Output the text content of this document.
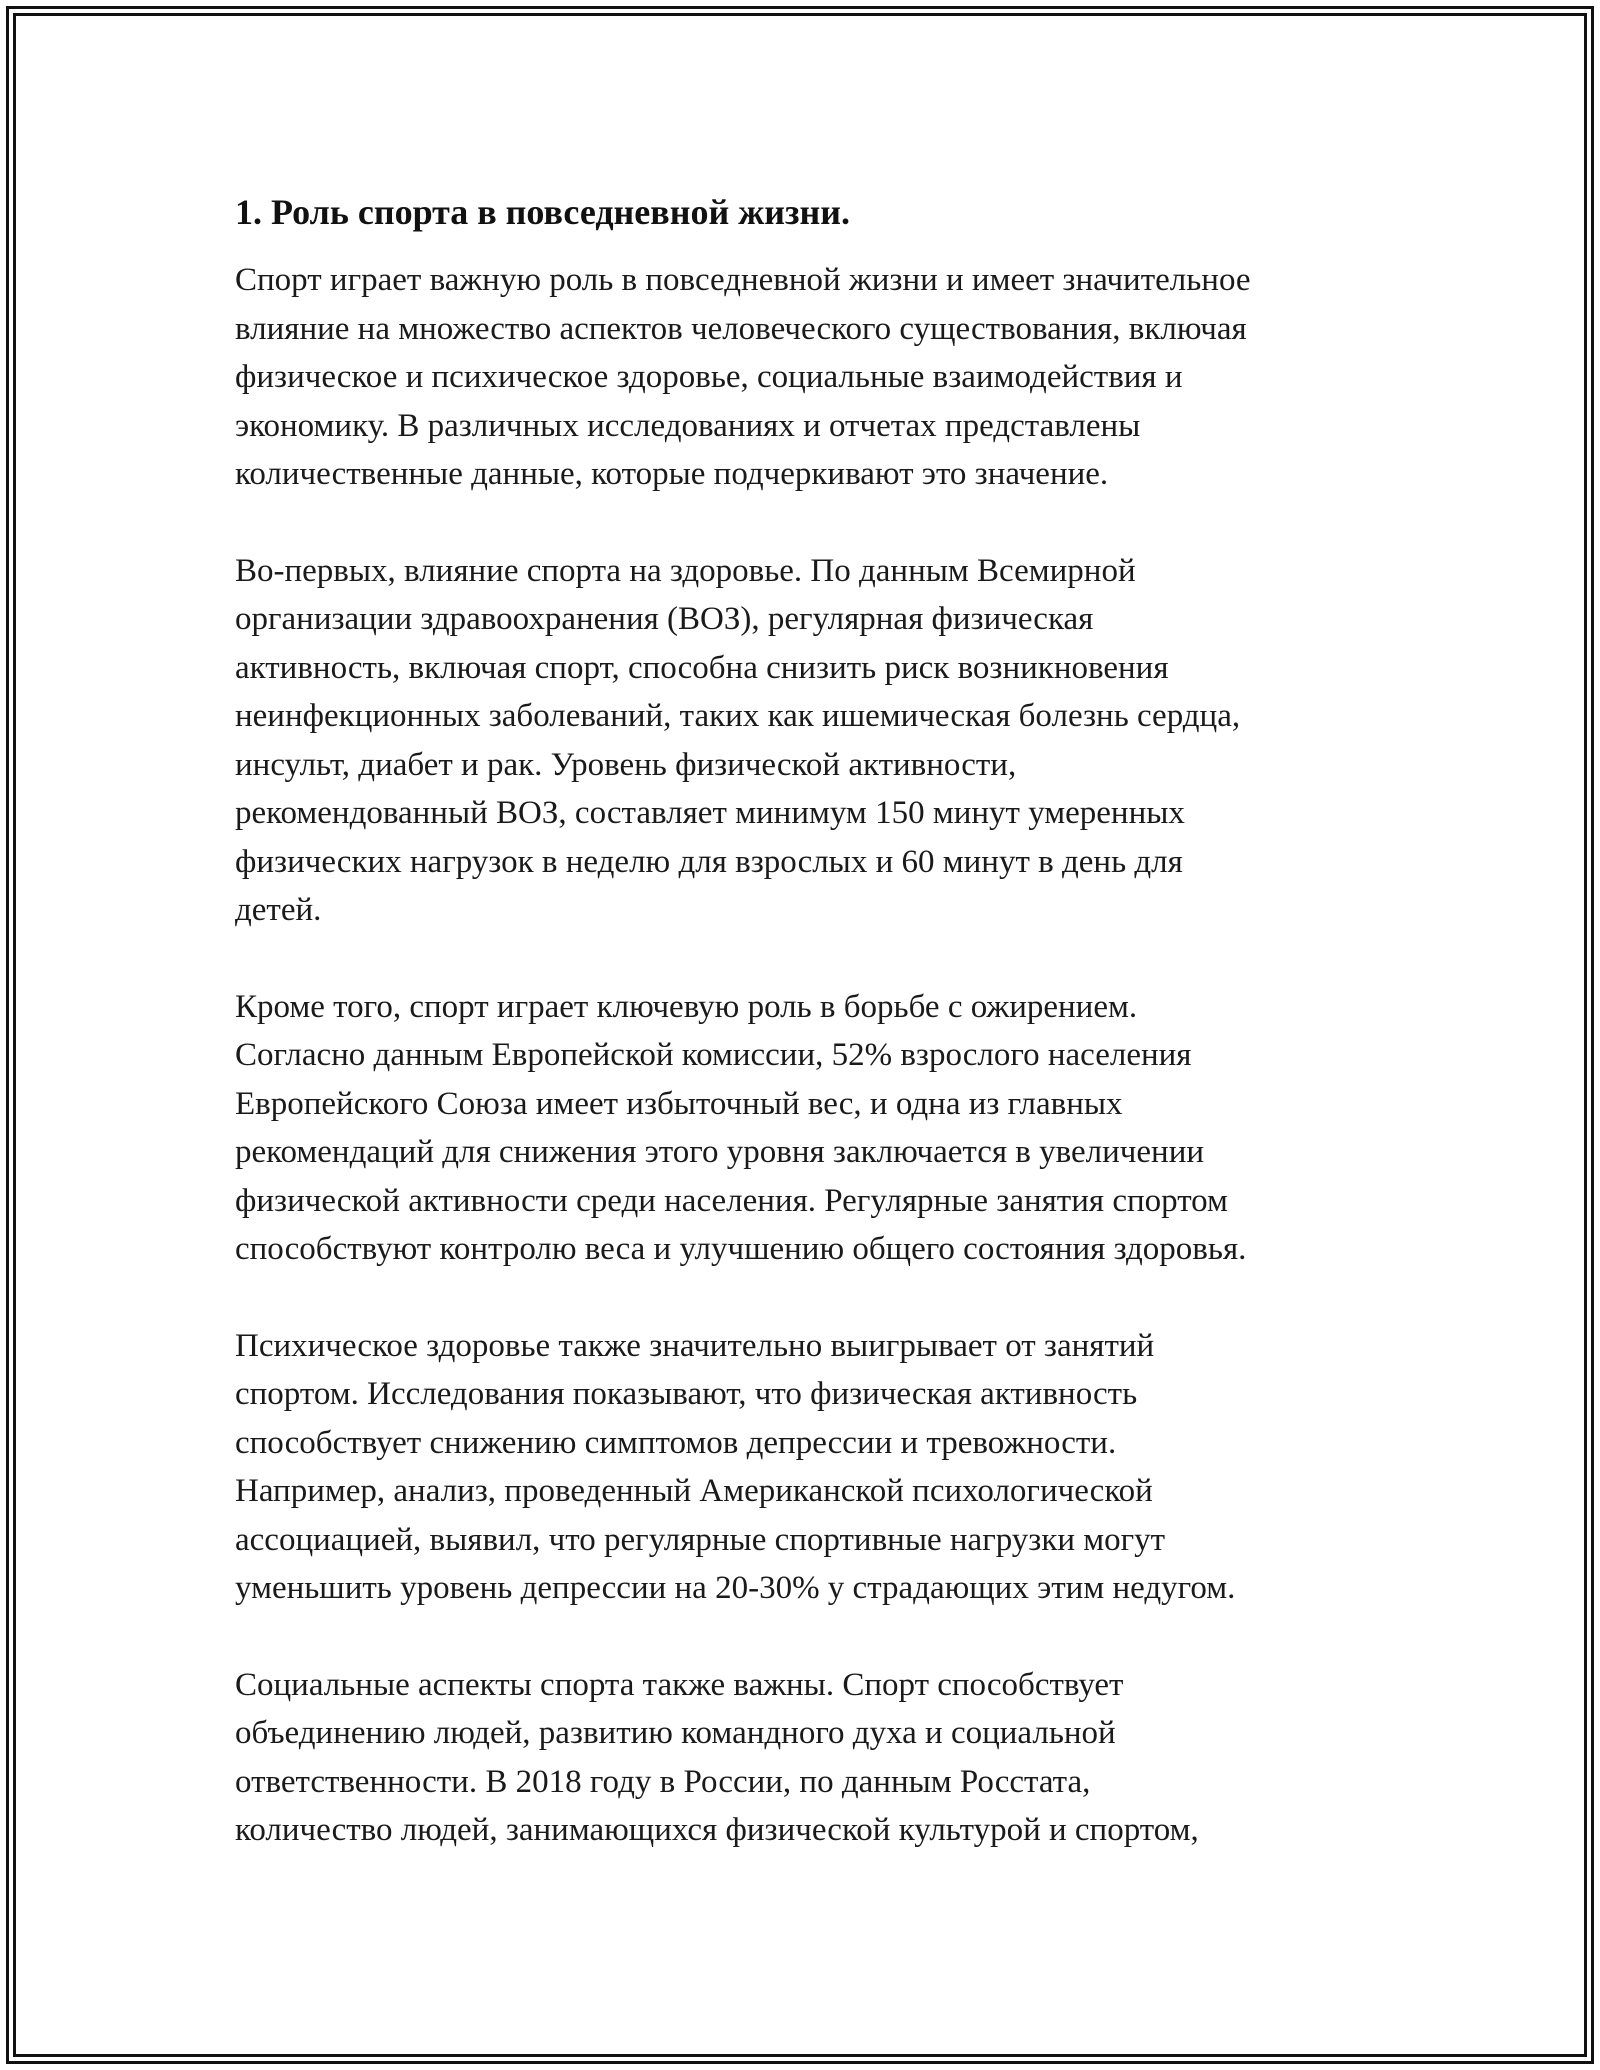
1. Роль спорта в повседневной жизни.

Спорт играет важную роль в повседневной жизни и имеет значительное
влияние на множество аспектов человеческого существования, включая
физическое и психическое здоровье, социальные взаимодействия и
экономику. В различных исследованиях и отчетах представлены
количественные данные, которые подчеркивают это значение.

Во-первых, влияние спорта на здоровье. По данным Всемирной
организации здравоохранения (ВОЗ), регулярная физическая
активность, включая спорт, способна снизить риск возникновения
неинфекционных заболеваний, таких как ишемическая болезнь сердца,
инсульт, диабет и рак. Уровень физической активности,
рекомендованный ВОЗ, составляет минимум 150 минут умеренных
физических нагрузок в неделю для взрослых и 60 минут в день для
детей.

Кроме того, спорт играет ключевую роль в борьбе с ожирением.
Согласно данным Европейской комиссии, 52% взрослого населения
Европейского Союза имеет избыточный вес, и одна из главных
рекомендаций для снижения этого уровня заключается в увеличении
физической активности среди населения. Регулярные занятия спортом
способствуют контролю веса и улучшению общего состояния здоровья.

Психическое здоровье также значительно выигрывает от занятий
спортом. Исследования показывают, что физическая активность
способствует снижению симптомов депрессии и тревожности.
Например, анализ, проведенный Американской психологической
ассоциацией, выявил, что регулярные спортивные нагрузки могут
уменьшить уровень депрессии на 20-30% у страдающих этим недугом.

Социальные аспекты спорта также важны. Спорт способствует
объединению людей, развитию командного духа и социальной
ответственности. В 2018 году в России, по данным Росстата,
количество людей, занимающихся физической культурой и спортом,
